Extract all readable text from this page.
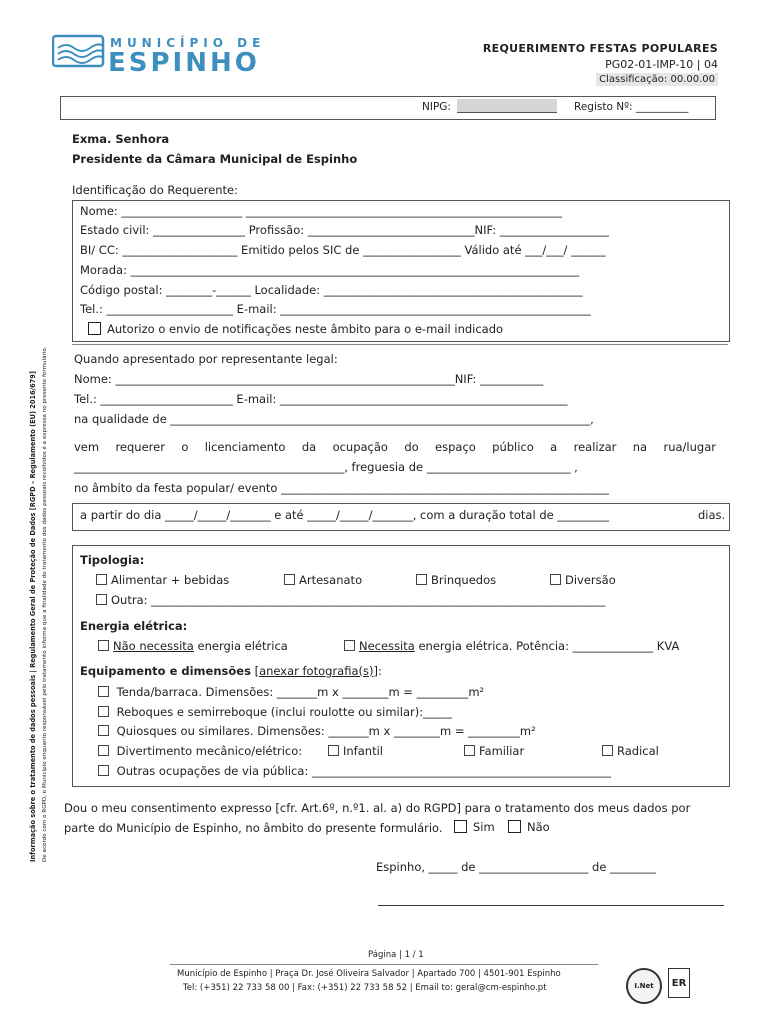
MUNICÍPIO DE
ESPINHO	REQUERIMENTO FESTAS POPULARES
PG02-01-IMP-10 | 04
Classificação: 00.00.00
NIPG:	Registo Nº: __________
Informação sobre o tratamento de dados pessoais | Regulamento Geral de Proteção de Dados [RGPD – Regulamento (EU) 2016/679] De acordo com o RGPD, o Município enquanto responsável pelo tratamento informa que a finalidade do tratamento dos dados pessoais recolhidos é a expressa no presente formulário.
Exma. Senhora
Presidente da Câmara Municipal de Espinho
Identificação do Requerente:
Nome: _____________________ _______________________________________________________
Estado civil: ________________ Profissão: _____________________________NIF: ___________________
BI/ CC: ____________________ Emitido pelos SIC de _________________ Válido até ___/___/ ______
Morada: ______________________________________________________________________________
Código postal: ________-______ Localidade: _____________________________________________
Tel.: ______________________ E-mail: ______________________________________________________
Autorizo o envio de notificações neste âmbito para o e-mail indicado
Quando apresentado por representante legal:
Nome: ___________________________________________________________NIF: ___________
Tel.: _______________________ E-mail: __________________________________________________
na qualidade de _________________________________________________________________________,
vem requerer o licenciamento da ocupação do espaço público a realizar na rua/lugar
_______________________________________________, freguesia de _________________________ ,
no âmbito da festa popular/ evento _________________________________________________________
a partir do dia _____/_____/_______ e até _____/_____/_______, com a duração total de _________	dias.
Tipologia:
Alimentar + bebidas	Artesanato	Brinquedos	Diversão
Outra: _______________________________________________________________________________
Energia elétrica:
Não necessita energia elétrica	Necessita energia elétrica. Potência: ______________ KVA
Equipamento e dimensões [anexar fotografia(s)]:
Tenda/barraca. Dimensões: _______m x ________m = _________m²
Reboques e semirreboque (inclui roulotte ou similar):_____
Quiosques ou similares. Dimensões: _______m x ________m = _________m²
Divertimento mecânico/elétrico:	Infantil	Familiar	Radical
Outras ocupações de via pública: ____________________________________________________
Dou o meu consentimento expresso [cfr. Art.6º, n.º1. al. a) do RGPD] para o tratamento dos meus dados por
parte do Município de Espinho, no âmbito do presente formulário.	Sim	Não
Espinho, _____ de ___________________ de ________
Página | 1 / 1
Município de Espinho | Praça Dr. José Oliveira Salvador | Apartado 700 | 4501-901 Espinho
Tel: (+351) 22 733 58 00 | Fax: (+351) 22 733 58 52 | Email to: geral@cm-espinho.pt	I.Net ER
